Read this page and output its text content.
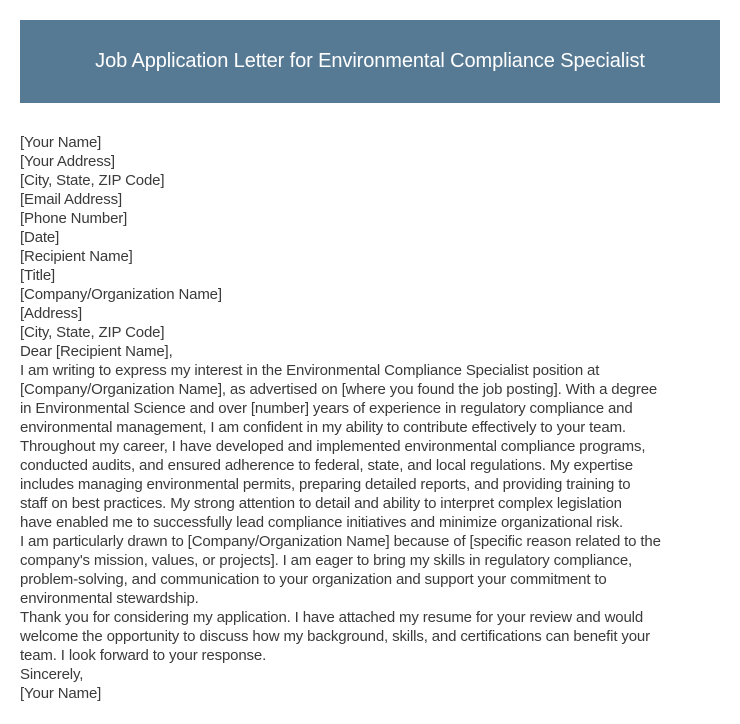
Job Application Letter for Environmental Compliance Specialist
[Your Name]
[Your Address]
[City, State, ZIP Code]
[Email Address]
[Phone Number]
[Date]
[Recipient Name]
[Title]
[Company/Organization Name]
[Address]
[City, State, ZIP Code]
Dear [Recipient Name],
I am writing to express my interest in the Environmental Compliance Specialist position at
[Company/Organization Name], as advertised on [where you found the job posting]. With a degree
in Environmental Science and over [number] years of experience in regulatory compliance and
environmental management, I am confident in my ability to contribute effectively to your team.
Throughout my career, I have developed and implemented environmental compliance programs,
conducted audits, and ensured adherence to federal, state, and local regulations. My expertise
includes managing environmental permits, preparing detailed reports, and providing training to
staff on best practices. My strong attention to detail and ability to interpret complex legislation
have enabled me to successfully lead compliance initiatives and minimize organizational risk.
I am particularly drawn to [Company/Organization Name] because of [specific reason related to the
company's mission, values, or projects]. I am eager to bring my skills in regulatory compliance,
problem-solving, and communication to your organization and support your commitment to
environmental stewardship.
Thank you for considering my application. I have attached my resume for your review and would
welcome the opportunity to discuss how my background, skills, and certifications can benefit your
team. I look forward to your response.
Sincerely,
[Your Name]
